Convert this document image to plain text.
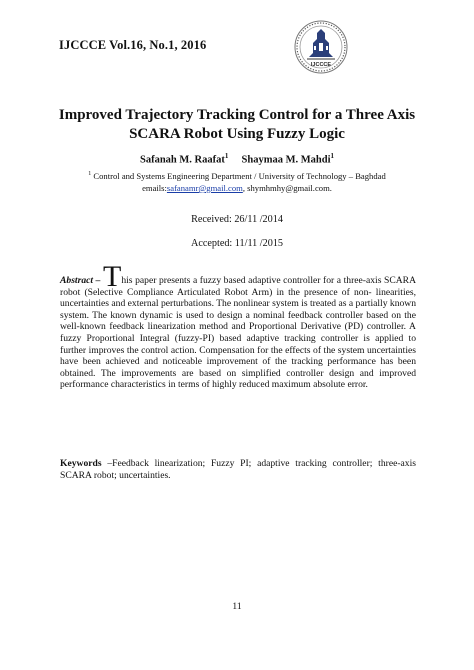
IJCCCE Vol.16, No.1, 2016
IJCCCE
Improved Trajectory Tracking Control for a Three Axis
SCARA Robot Using Fuzzy Logic
Safanah M. Raafat$^1$ Shaymaa M. Mahdi$^1$
$^1$ Control and Systems Engineering Department / University of Technology – Baghdad
emails:safanamr@gmail.com, shymhmhy@gmail.com.
Received: 26/11 /2014
Accepted: 11/11 /2015
Abstract – This paper presents a fuzzy based adaptive controller for a three-axis SCARA robot (Selective Compliance Articulated Robot Arm) in the presence of non- linearities, uncertainties and external perturbations. The nonlinear system is treated as a partially known system. The known dynamic is used to design a nominal feedback controller based on the well-known feedback linearization method and Proportional Derivative (PD) controller. A fuzzy Proportional Integral (fuzzy-PI) based adaptive tracking controller is applied to further improves the control action. Compensation for the effects of the system uncertainties have been achieved and noticeable improvement of the tracking performance has been obtained. The improvements are based on simplified controller design and improved performance characteristics in terms of highly reduced maximum absolute error.
Keywords –Feedback linearization; Fuzzy PI; adaptive tracking controller; three-axis SCARA robot; uncertainties.
11
